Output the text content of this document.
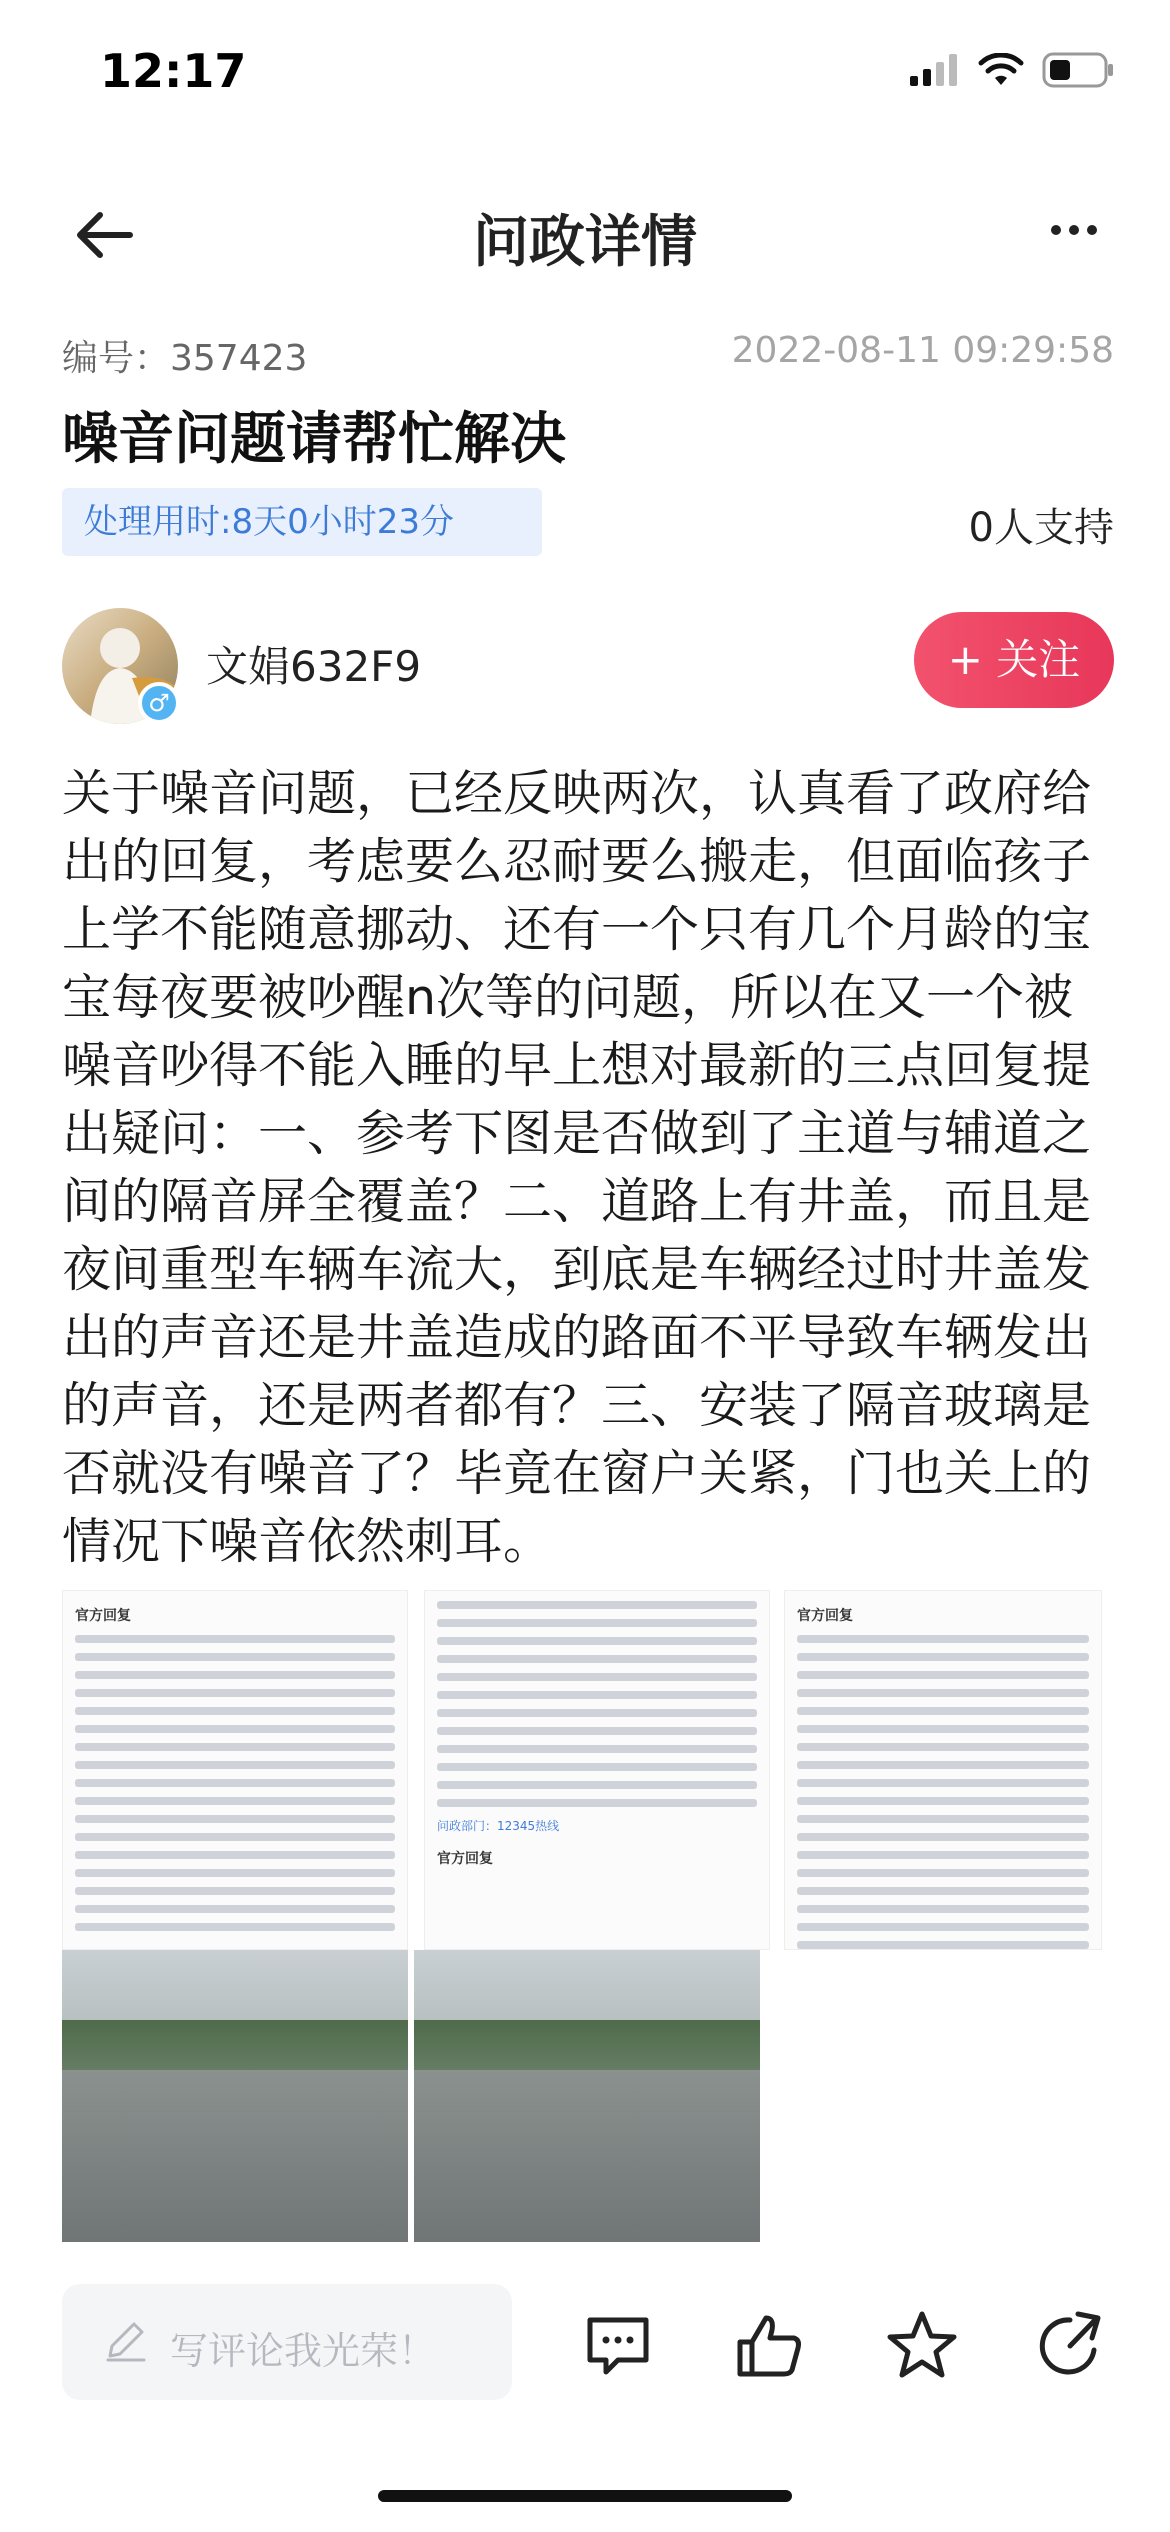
12:17
问政详情
编号：357423	2022-08-11 09:29:58
噪音问题请帮忙解决
处理用时:8天0小时23分	0人支持
♂
文娟632F9	+ 关注
关于噪音问题，已经反映两次，认真看了政府给出的回复，考虑要么忍耐要么搬走，但面临孩子上学不能随意挪动、还有一个只有几个月龄的宝宝每夜要被吵醒n次等的问题，所以在又一个被噪音吵得不能入睡的早上想对最新的三点回复提出疑问：一、参考下图是否做到了主道与辅道之间的隔音屏全覆盖？二、道路上有井盖，而且是夜间重型车辆车流大，到底是车辆经过时井盖发出的声音还是井盖造成的路面不平导致车辆发出的声音，还是两者都有？三、安装了隔音玻璃是否就没有噪音了？毕竟在窗户关紧，门也关上的情况下噪音依然刺耳。
官方回复
问政部门：12345热线
官方回复
官方回复
写评论我光荣！
